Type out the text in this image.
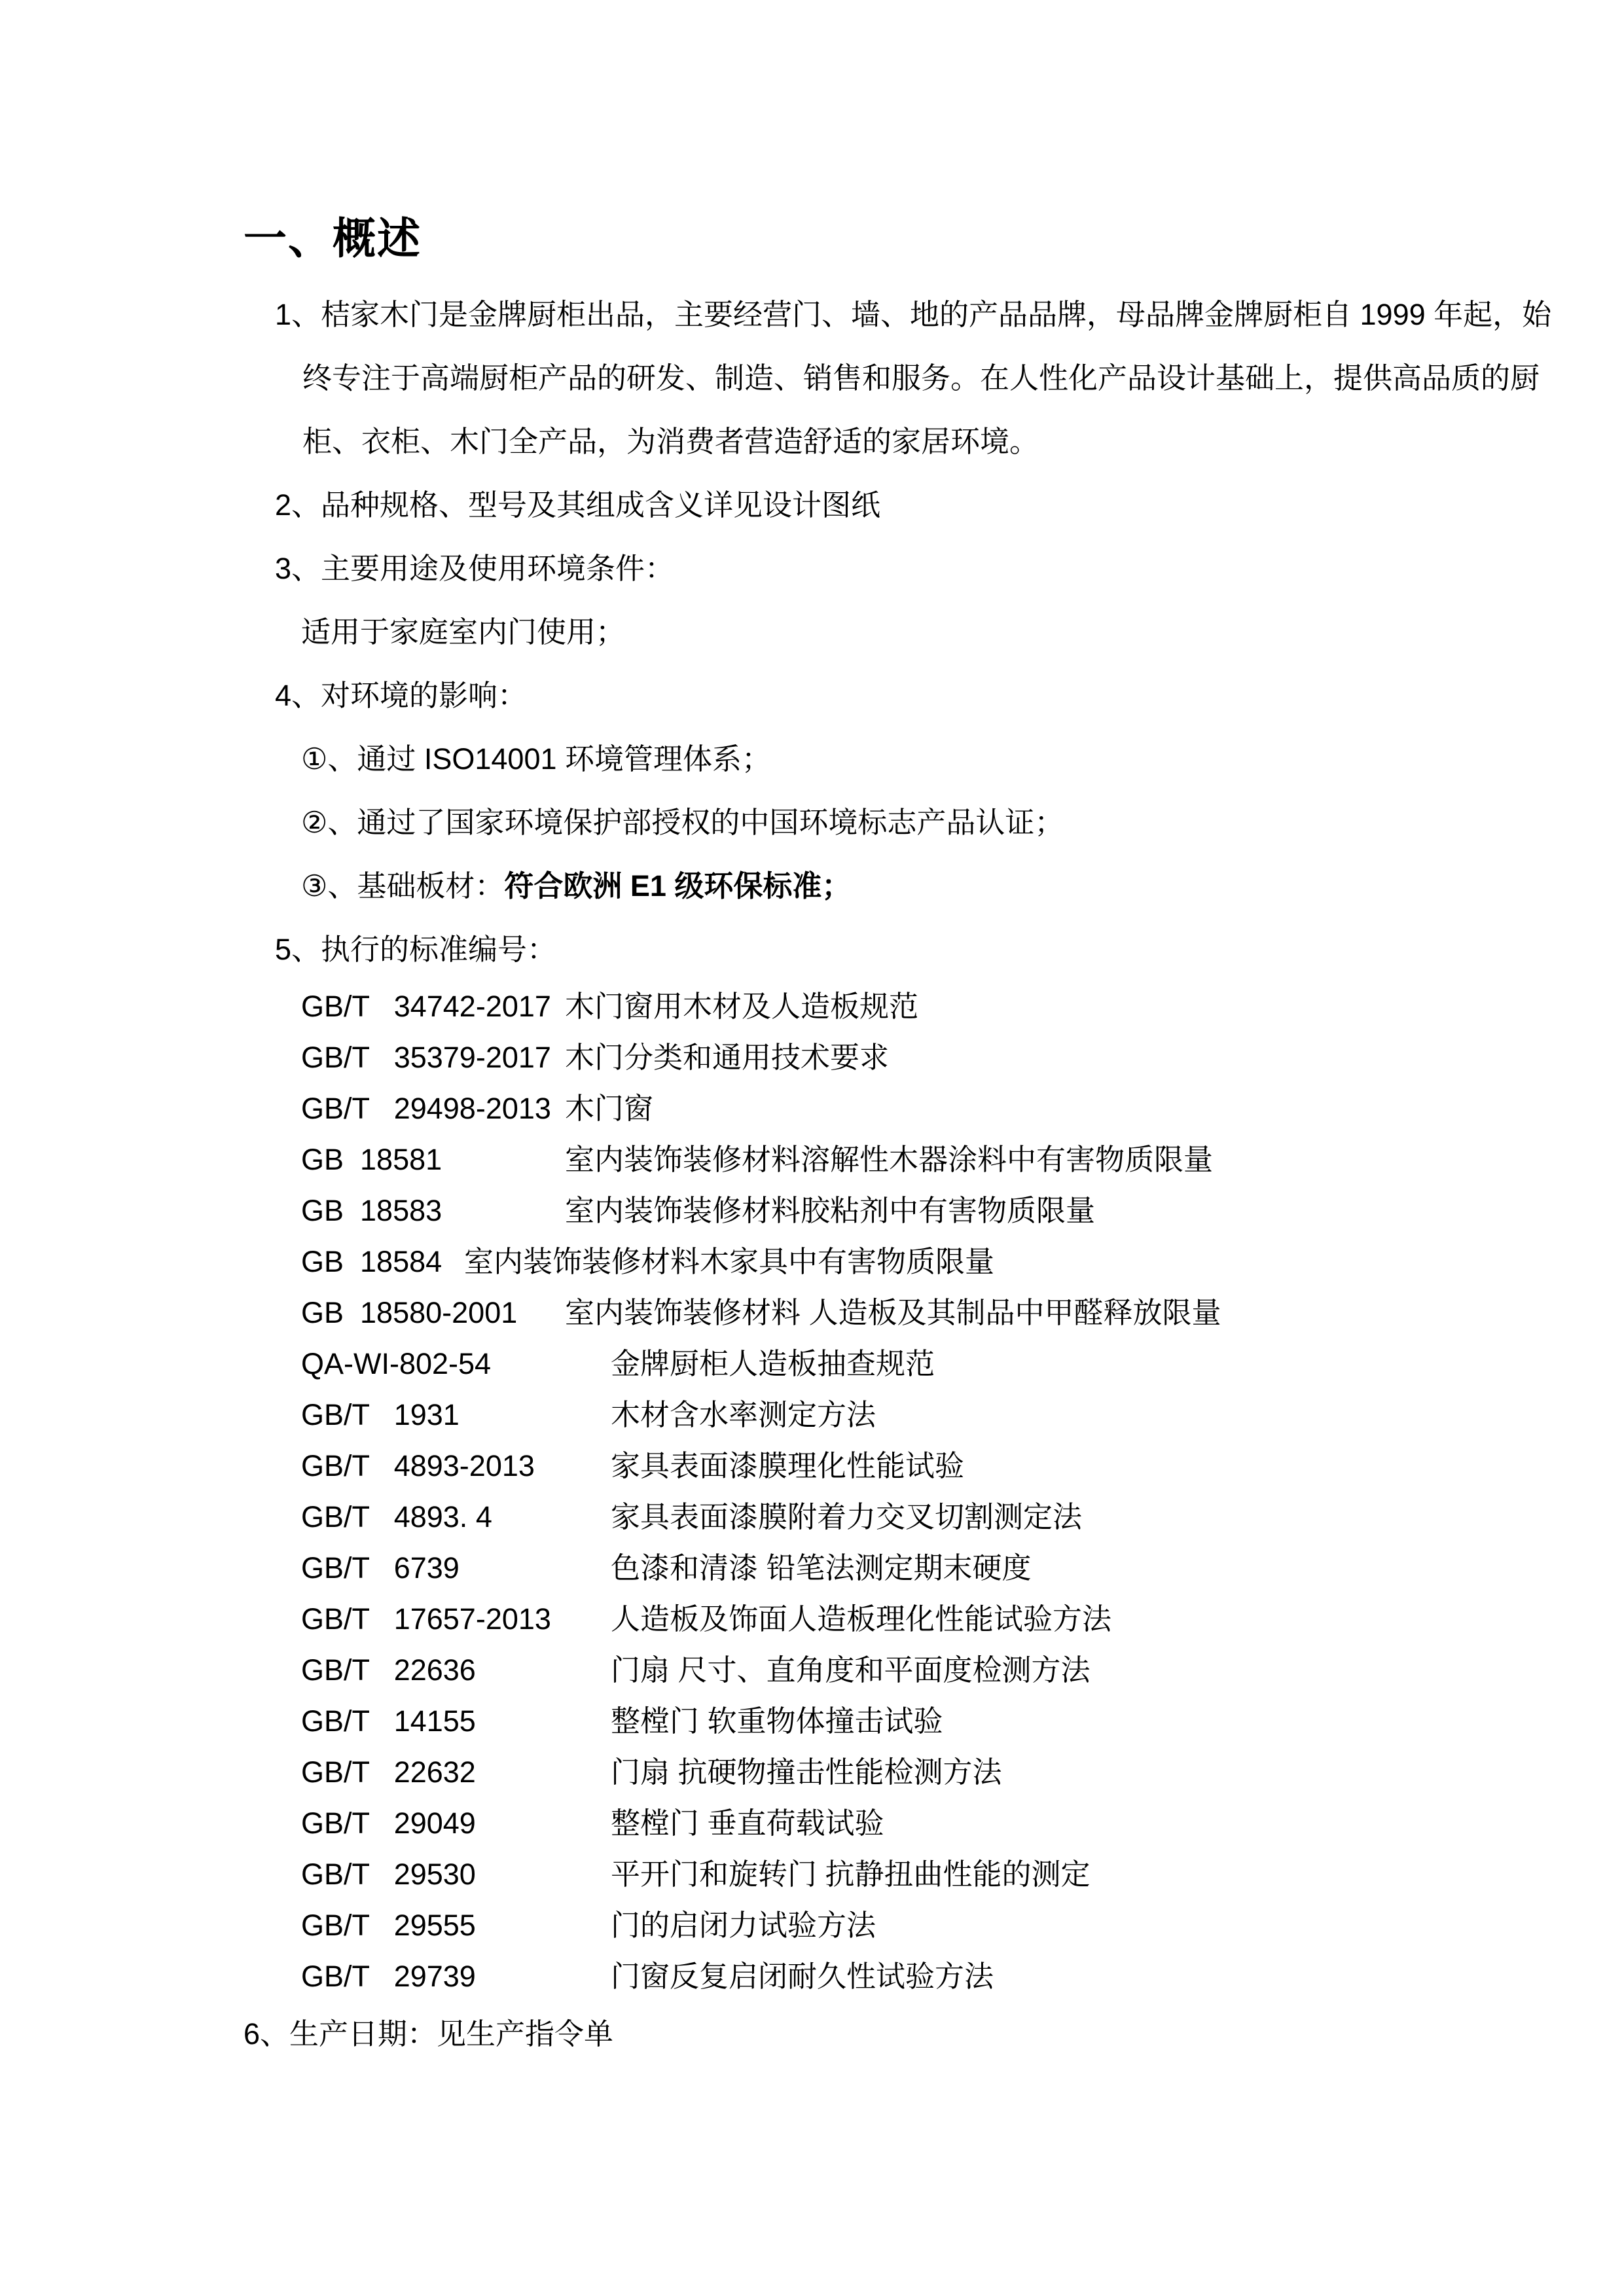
一、概述
1、桔家木门是金牌厨柜出品，主要经营门、墙、地的产品品牌，母品牌金牌厨柜自 1999 年起，始
终专注于高端厨柜产品的研发、制造、销售和服务。在人性化产品设计基础上，提供高品质的厨
柜、衣柜、木门全产品，为消费者营造舒适的家居环境。
2、品种规格、型号及其组成含义详见设计图纸
3、主要用途及使用环境条件：
适用于家庭室内门使用；
4、对环境的影响：
①、通过 ISO14001 环境管理体系；
②、通过了国家环境保护部授权的中国环境标志产品认证；
③、基础板材：符合欧洲 E1 级环保标准；
5、执行的标准编号：
GB/T   34742-2017 木门窗用木材及人造板规范
GB/T   35379-2017 木门分类和通用技术要求
GB/T   29498-2013 木门窗
GB  18581	室内装饰装修材料溶解性木器涂料中有害物质限量
GB  18583	室内装饰装修材料胶粘剂中有害物质限量
GB  18584 室内装饰装修材料木家具中有害物质限量
GB  18580-2001 室内装饰装修材料 人造板及其制品中甲醛释放限量
QA-WI-802-54	金牌厨柜人造板抽查规范
GB/T   1931	木材含水率测定方法
GB/T   4893-2013	家具表面漆膜理化性能试验
GB/T   4893. 4	家具表面漆膜附着力交叉切割测定法
GB/T   6739	色漆和清漆 铅笔法测定期末硬度
GB/T   17657-2013 人造板及饰面人造板理化性能试验方法
GB/T   22636	门扇 尺寸、直角度和平面度检测方法
GB/T   14155	整樘门 软重物体撞击试验
GB/T   22632	门扇 抗硬物撞击性能检测方法
GB/T   29049	整樘门 垂直荷载试验
GB/T   29530	平开门和旋转门 抗静扭曲性能的测定
GB/T   29555	门的启闭力试验方法
GB/T   29739	门窗反复启闭耐久性试验方法
6、生产日期：见生产指令单
